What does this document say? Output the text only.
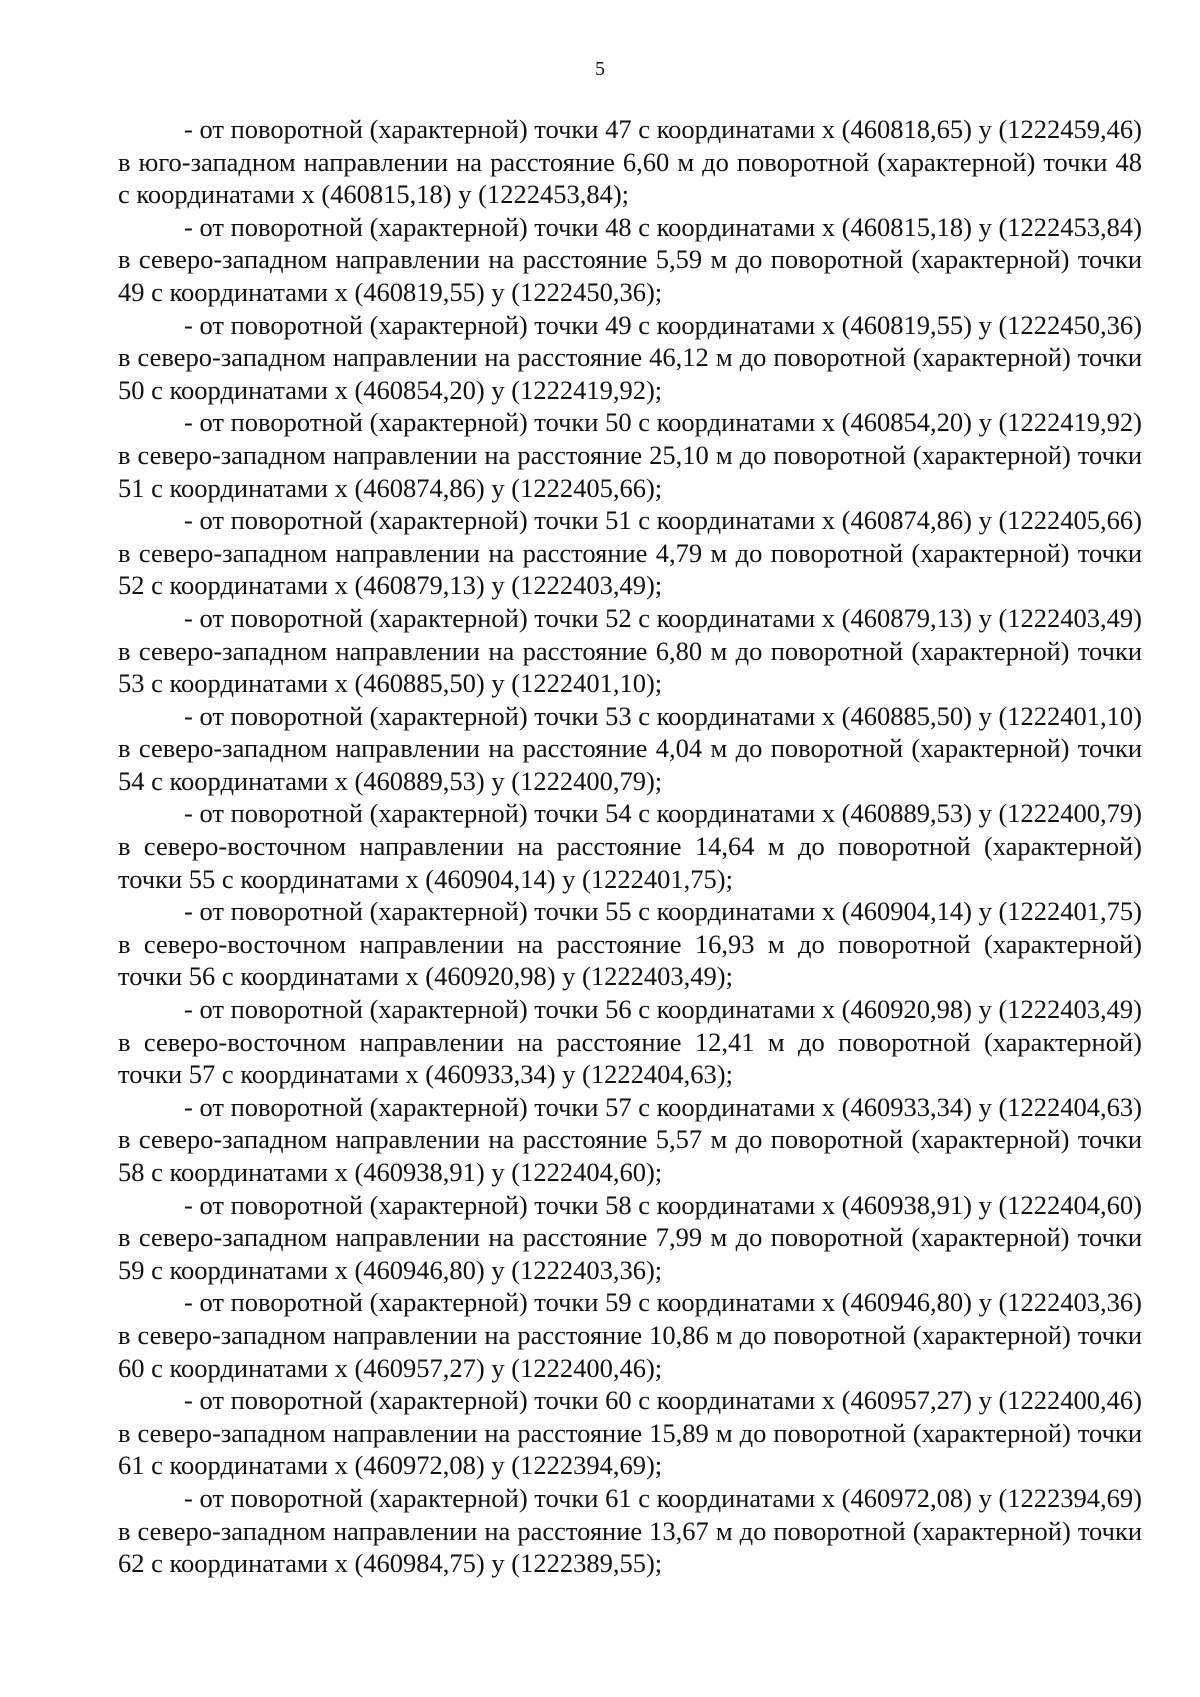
5

- от поворотной (характерной) точки 47 с координатами х (460818,65) у (1222459,46) в юго-западном направлении на расстояние 6,60 м до поворотной (характерной) точки 48 с координатами х (460815,18) у (1222453,84);

- от поворотной (характерной) точки 48 с координатами х (460815,18) у (1222453,84) в северо-западном направлении на расстояние 5,59 м до поворотной (характерной) точки 49 с координатами х (460819,55) у (1222450,36);

- от поворотной (характерной) точки 49 с координатами х (460819,55) у (1222450,36) в северо-западном направлении на расстояние 46,12 м до поворотной (характерной) точки 50 с координатами х (460854,20) у (1222419,92);

- от поворотной (характерной) точки 50 с координатами х (460854,20) у (1222419,92) в северо-западном направлении на расстояние 25,10 м до поворотной (характерной) точки 51 с координатами х (460874,86) у (1222405,66);

- от поворотной (характерной) точки 51 с координатами х (460874,86) у (1222405,66) в северо-западном направлении на расстояние 4,79 м до поворотной (характерной) точки 52 с координатами х (460879,13) у (1222403,49);

- от поворотной (характерной) точки 52 с координатами х (460879,13) у (1222403,49) в северо-западном направлении на расстояние 6,80 м до поворотной (характерной) точки 53 с координатами х (460885,50) у (1222401,10);

- от поворотной (характерной) точки 53 с координатами х (460885,50) у (1222401,10) в северо-западном направлении на расстояние 4,04 м до поворотной (характерной) точки 54 с координатами х (460889,53) у (1222400,79);

- от поворотной (характерной) точки 54 с координатами х (460889,53) у (1222400,79) в северо-восточном направлении на расстояние 14,64 м до поворотной (характерной) точки 55 с координатами х (460904,14) у (1222401,75);

- от поворотной (характерной) точки 55 с координатами х (460904,14) у (1222401,75) в северо-восточном направлении на расстояние 16,93 м до поворотной (характерной) точки 56 с координатами х (460920,98) у (1222403,49);

- от поворотной (характерной) точки 56 с координатами х (460920,98) у (1222403,49) в северо-восточном направлении на расстояние 12,41 м до поворотной (характерной) точки 57 с координатами х (460933,34) у (1222404,63);

- от поворотной (характерной) точки 57 с координатами х (460933,34) у (1222404,63) в северо-западном направлении на расстояние 5,57 м до поворотной (характерной) точки 58 с координатами х (460938,91) у (1222404,60);

- от поворотной (характерной) точки 58 с координатами х (460938,91) у (1222404,60) в северо-западном направлении на расстояние 7,99 м до поворотной (характерной) точки 59 с координатами х (460946,80) у (1222403,36);

- от поворотной (характерной) точки 59 с координатами х (460946,80) у (1222403,36) в северо-западном направлении на расстояние 10,86 м до поворотной (характерной) точки 60 с координатами х (460957,27) у (1222400,46);

- от поворотной (характерной) точки 60 с координатами х (460957,27) у (1222400,46) в северо-западном направлении на расстояние 15,89 м до поворотной (характерной) точки 61 с координатами х (460972,08) у (1222394,69);

- от поворотной (характерной) точки 61 с координатами х (460972,08) у (1222394,69) в северо-западном направлении на расстояние 13,67 м до поворотной (характерной) точки 62 с координатами х (460984,75) у (1222389,55);
